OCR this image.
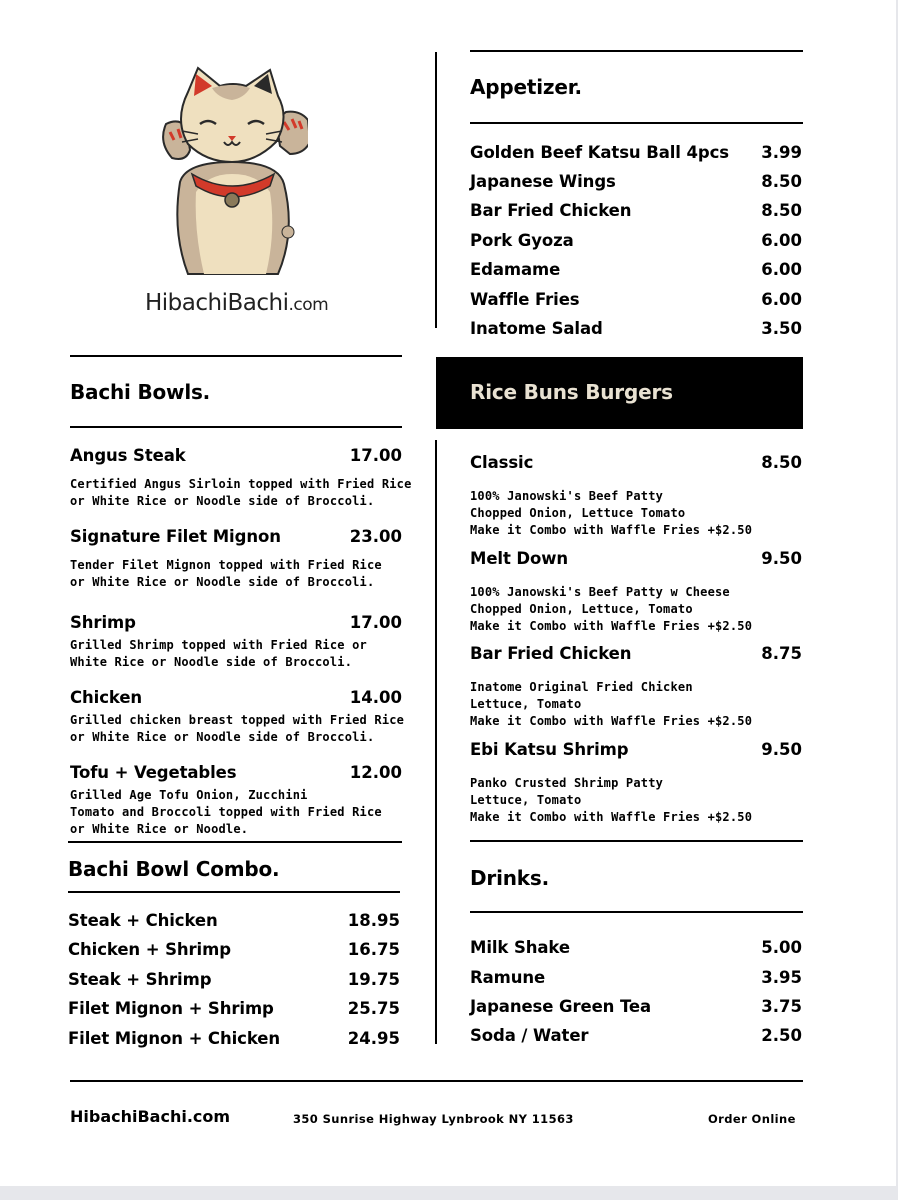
HibachiBachi.com
Appetizer.
Golden Beef Katsu Ball 4pcs 3.99
Japanese Wings	8.50
Bar Fried Chicken	8.50
Pork Gyoza	6.00
Edamame	6.00
Waffle Fries	6.00
Inatome Salad	3.50
Bachi Bowls.
Angus Steak	17.00
Certified Angus Sirloin topped with Fried Rice
or White Rice or Noodle side of Broccoli.
Signature Filet Mignon	23.00
Tender Filet Mignon topped with Fried Rice
or White Rice or Noodle side of Broccoli.
Shrimp	17.00
Grilled Shrimp topped with Fried Rice or
White Rice or Noodle side of Broccoli.
Chicken	14.00
Grilled chicken breast topped with Fried Rice
or White Rice or Noodle side of Broccoli.
Tofu + Vegetables	12.00
Grilled Age Tofu Onion, Zucchini
Tomato and Broccoli topped with Fried Rice
or White Rice or Noodle.
Bachi Bowl Combo.
Steak + Chicken	18.95
Chicken + Shrimp	16.75
Steak + Shrimp	19.75
Filet Mignon + Shrimp	25.75
Filet Mignon + Chicken	24.95
Rice Buns Burgers
Classic	8.50
100% Janowski's Beef Patty
Chopped Onion, Lettuce Tomato
Make it Combo with Waffle Fries +$2.50
Melt Down	9.50
100% Janowski's Beef Patty w Cheese
Chopped Onion, Lettuce, Tomato
Make it Combo with Waffle Fries +$2.50
Bar Fried Chicken	8.75
Inatome Original Fried Chicken
Lettuce, Tomato
Make it Combo with Waffle Fries +$2.50
Ebi Katsu Shrimp	9.50
Panko Crusted Shrimp Patty
Lettuce, Tomato
Make it Combo with Waffle Fries +$2.50
Drinks.
Milk Shake	5.00
Ramune	3.95
Japanese Green Tea	3.75
Soda / Water	2.50
HibachiBachi.com	350 Sunrise Highway Lynbrook NY 11563	Order Online
